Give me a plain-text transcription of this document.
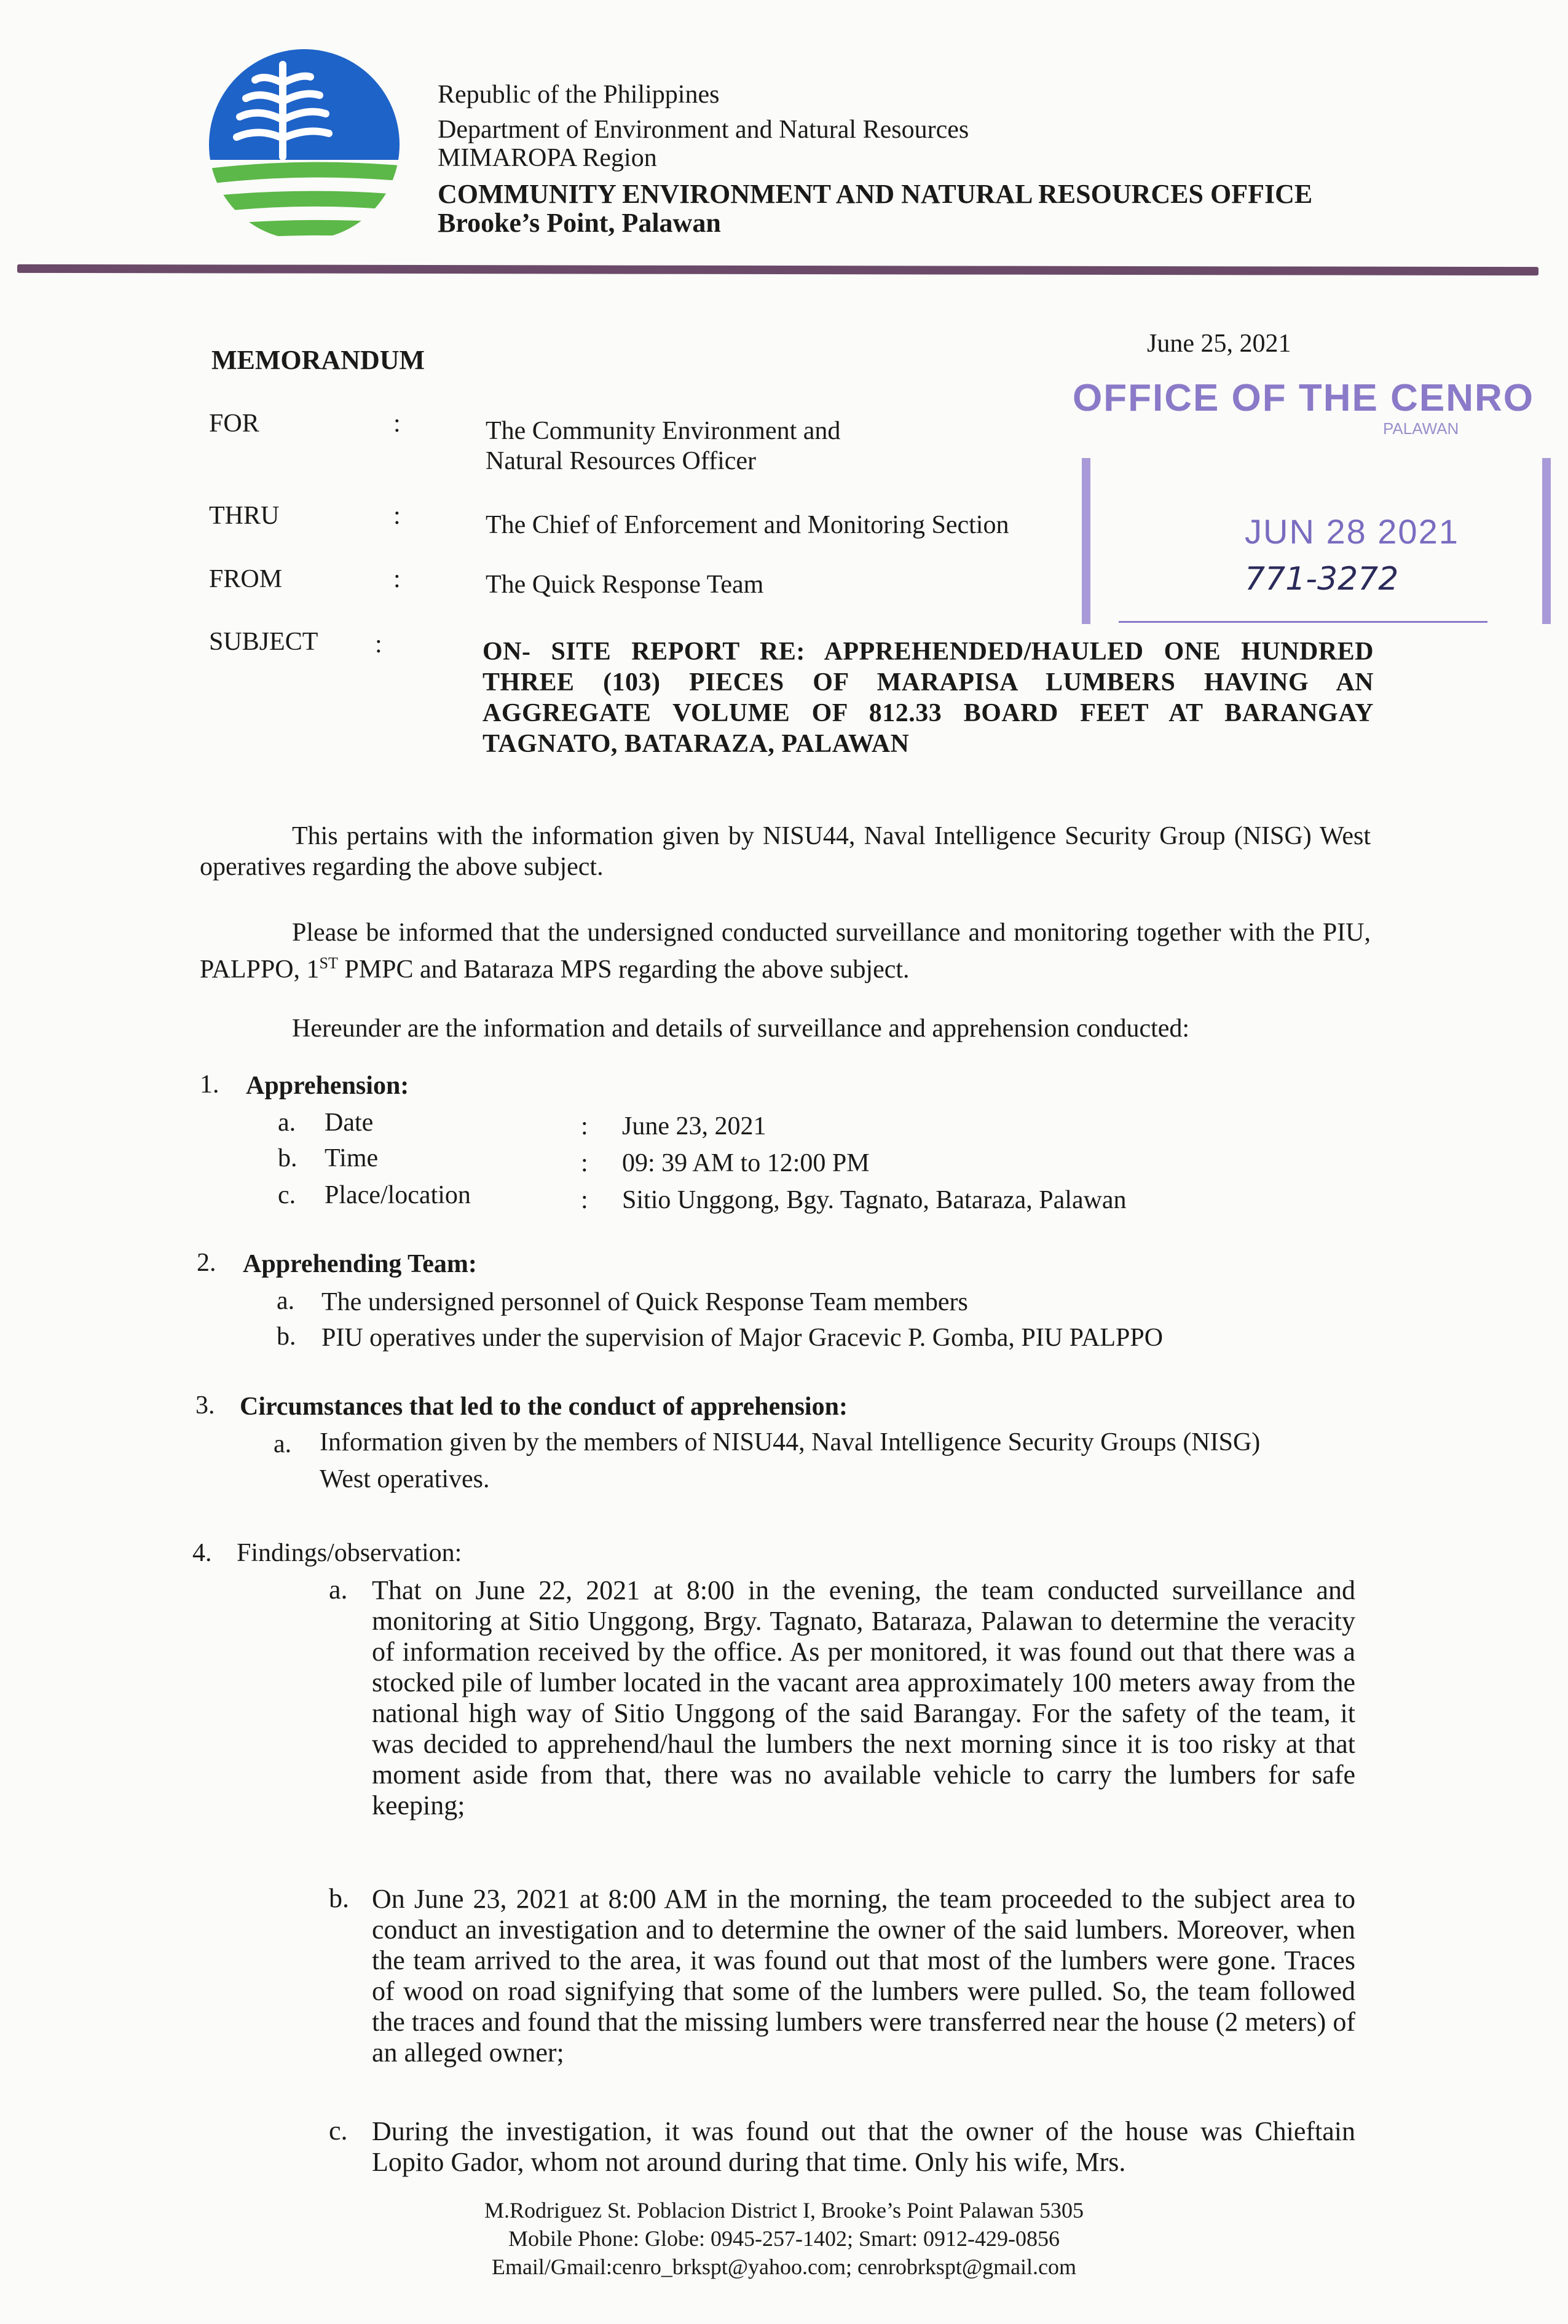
Republic of the Philippines
Department of Environment and Natural Resources
MIMAROPA Region
COMMUNITY ENVIRONMENT AND NATURAL RESOURCES OFFICE
Brooke’s Point, Palawan
MEMORANDUM
June 25, 2021
FOR	:	The Community Environment and
Natural Resources Officer
THRU	:	The Chief of Enforcement and Monitoring Section
FROM	:	The Quick Response Team
SUBJECT :	ON- SITE REPORT RE: APPREHENDED/HAULED ONE HUNDRED THREE (103) PIECES OF MARAPISA LUMBERS HAVING AN AGGREGATE VOLUME OF 812.33 BOARD FEET AT BARANGAY TAGNATO, BATARAZA, PALAWAN
OFFICE OF THE CENRO
PALAWAN
JUN 28 2021
771-3272
This pertains with the information given by NISU44, Naval Intelligence Security Group (NISG) West operatives regarding the above subject.
Please be informed that the undersigned conducted surveillance and monitoring together with the PIU, PALPPO, 1ST PMPC and Bataraza MPS regarding the above subject.
Hereunder are the information and details of surveillance and apprehension conducted:
1. Apprehension:
a. Date	: June 23, 2021
b. Time	: 09: 39 AM to 12:00 PM
c. Place/location	: Sitio Unggong, Bgy. Tagnato, Bataraza, Palawan
2. Apprehending Team:
a. The undersigned personnel of Quick Response Team members
b. PIU operatives under the supervision of Major Gracevic P. Gomba, PIU PALPPO
3. Circumstances that led to the conduct of apprehension:
a. Information given by the members of NISU44, Naval Intelligence Security Groups (NISG)
West operatives.
4. Findings/observation:
a. That on June 22, 2021 at 8:00 in the evening, the team conducted surveillance and monitoring at Sitio Unggong, Brgy. Tagnato, Bataraza, Palawan to determine the veracity of information received by the office. As per monitored, it was found out that there was a stocked pile of lumber located in the vacant area approximately 100 meters away from the national high way of Sitio Unggong of the said Barangay. For the safety of the team, it was decided to apprehend/haul the lumbers the next morning since it is too risky at that moment aside from that, there was no available vehicle to carry the lumbers for safe keeping;
b. On June 23, 2021 at 8:00 AM in the morning, the team proceeded to the subject area to conduct an investigation and to determine the owner of the said lumbers. Moreover, when the team arrived to the area, it was found out that most of the lumbers were gone. Traces of wood on road signifying that some of the lumbers were pulled. So, the team followed the traces and found that the missing lumbers were transferred near the house (2 meters) of an alleged owner;
c. During the investigation, it was found out that the owner of the house was Chieftain Lopito Gador, whom not around during that time. Only his wife, Mrs.
M.Rodriguez St. Poblacion District I, Brooke’s Point Palawan 5305
Mobile Phone: Globe: 0945-257-1402; Smart: 0912-429-0856
Email/Gmail:cenro_brkspt@yahoo.com; cenrobrkspt@gmail.com
